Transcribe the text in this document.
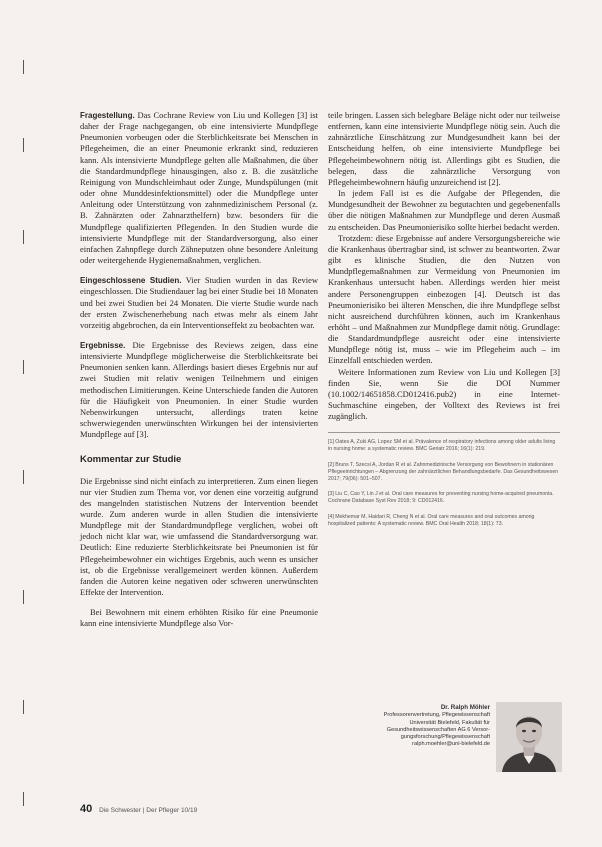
Fragestellung. Das Cochrane Review von Liu und Kollegen [3] ist daher der Frage nachgegangen, ob eine intensivierte Mundpflege Pneumonien vorbeugen oder die Sterblichkeitsrate bei Menschen in Pflegeheimen, die an einer Pneumonie erkrankt sind, reduzieren kann. Als intensivierte Mundpflege gelten alle Maßnahmen, die über die Standardmundpflege hinausgingen, also z. B. die zusätzliche Reinigung von Mundschleimhaut oder Zunge, Mundspülungen (mit oder ohne Munddesinfektionsmittel) oder die Mundpflege unter Anleitung oder Unterstützung von zahnmedizinischem Personal (z. B. Zahnärzten oder Zahnarzthelfern) bzw. besonders für die Mundpflege qualifizierten Pflegenden. In den Studien wurde die intensivierte Mundpflege mit der Standardversorgung, also einer einfachen Zahnpflege durch Zähneputzen ohne besondere Anleitung oder weitergehende Hygienemaßnahmen, verglichen.

Eingeschlossene Studien. Vier Studien wurden in das Review eingeschlossen. Die Studiendauer lag bei einer Studie bei 18 Monaten und bei zwei Studien bei 24 Monaten. Die vierte Studie wurde nach der ersten Zwischenerhebung nach etwas mehr als einem Jahr vorzeitig abgebrochen, da ein Interventionseffekt zu beobachten war.

Ergebnisse. Die Ergebnisse des Reviews zeigen, dass eine intensivierte Mundpflege möglicherweise die Sterblichkeitsrate bei Pneumonien senken kann. Allerdings basiert dieses Ergebnis nur auf zwei Studien mit relativ wenigen Teilnehmern und einigen methodischen Limitierungen. Keine Unterschiede fanden die Autoren für die Häufigkeit von Pneumonien. In einer Studie wurden Nebenwirkungen untersucht, allerdings traten keine schwerwiegenden unerwünschten Wirkungen bei der intensivierten Mundpflege auf [3].

Kommentar zur Studie

Die Ergebnisse sind nicht einfach zu interpretieren. Zum einen liegen nur vier Studien zum Thema vor, vor denen eine vorzeitig aufgrund des mangelnden statistischen Nutzens der Intervention beendet wurde. Zum anderen wurde in allen Studien die intensivierte Mundpflege mit der Standardmundpflege verglichen, wobei oft jedoch nicht klar war, wie umfassend die Standardversorgung war. Deutlich: Eine reduzierte Sterblichkeitsrate bei Pneumonien ist für Pflegeheimbewohner ein wichtiges Ergebnis, auch wenn es unsicher ist, ob die Ergebnisse verallgemeinert werden können. Außerdem fanden die Autoren keine negativen oder schweren unerwünschten Effekte der Intervention.

Bei Bewohnern mit einem erhöhten Risiko für eine Pneumonie kann eine intensivierte Mundpflege also Vor-

teile bringen. Lassen sich belegbare Beläge nicht oder nur teilweise entfernen, kann eine intensivierte Mundpflege nötig sein. Auch die zahnärztliche Einschätzung zur Mundgesundheit kann bei der Entscheidung helfen, ob eine intensivierte Mundpflege bei Pflegeheimbewohnern nötig ist. Allerdings gibt es Studien, die belegen, dass die zahnärztliche Versorgung von Pflegeheimbewohnern häufig unzureichend ist [2].

In jedem Fall ist es die Aufgabe der Pflegenden, die Mundgesundheit der Bewohner zu begutachten und gegebenenfalls über die nötigen Maßnahmen zur Mundpflege und deren Ausmaß zu entscheiden. Das Pneumonierisiko sollte hierbei bedacht werden.

Trotzdem: diese Ergebnisse auf andere Versorgungsbereiche wie die Krankenhaus übertragbar sind, ist schwer zu beantworten. Zwar gibt es klinische Studien, die den Nutzen von Mundpflegemaßnahmen zur Vermeidung von Pneumonien im Krankenhaus untersucht haben. Allerdings werden hier meist andere Personengruppen einbezogen [4]. Deutsch ist das Pneumonierisiko bei älteren Menschen, die ihre Mundpflege selbst nicht ausreichend durchführen können, auch im Krankenhaus erhöht – und Maßnahmen zur Mundpflege damit nötig. Grundlage: die Standardmundpflege ausreicht oder eine intensivierte Mundpflege nötig ist, muss – wie im Pflegeheim auch – im Einzelfall entschieden werden.

Weitere Informationen zum Review von Liu und Kollegen [3] finden Sie, wenn Sie die DOI Nummer (10.1002/14651858.CD012416.pub2) in eine Internet-Suchmaschine eingeben, der Volltext des Reviews ist frei zugänglich.

[1] Oates A, Zuki AG, Lopez SM et al. Prävalence of respiratory infections among older adults living in nursing home: a systematic review. BMC Geriatr 2016; 16(1): 219.

[2] Bruns T, Szecsi A, Jordan R et al. Zahnmedizinische Versorgung von Bewohnern in stationären Pflegeeinrichtungen – Abgrenzung der zahnärztlichen Behandlungsbedarfe. Das Gesundheitswesen 2017; 79(06): 501–507.

[3] Liu C, Cao Y, Lin J et al. Oral care measures for preventing nursing home-acquired pneumonia. Cochrane Database Syst Rev 2018; 9: CD012416.

[4] Mekhemar M, Haidari R, Cheng N et al. Oral care measures and oral outcomes among hospitalized patients: A systematic review. BMC Oral Health 2018; 18(1): 73.

Dr. Ralph Möhler
Professorenvertretung, Pflegewissenschaft
Universität Bielefeld, Fakultät für
Gesundheitswissenschaften AG 6 Versor-
gungsforschung/Pflegewissenschaft
ralph.moehler@uni-bielefeld.de
40 Die Schwester | Der Pfleger 10/19
